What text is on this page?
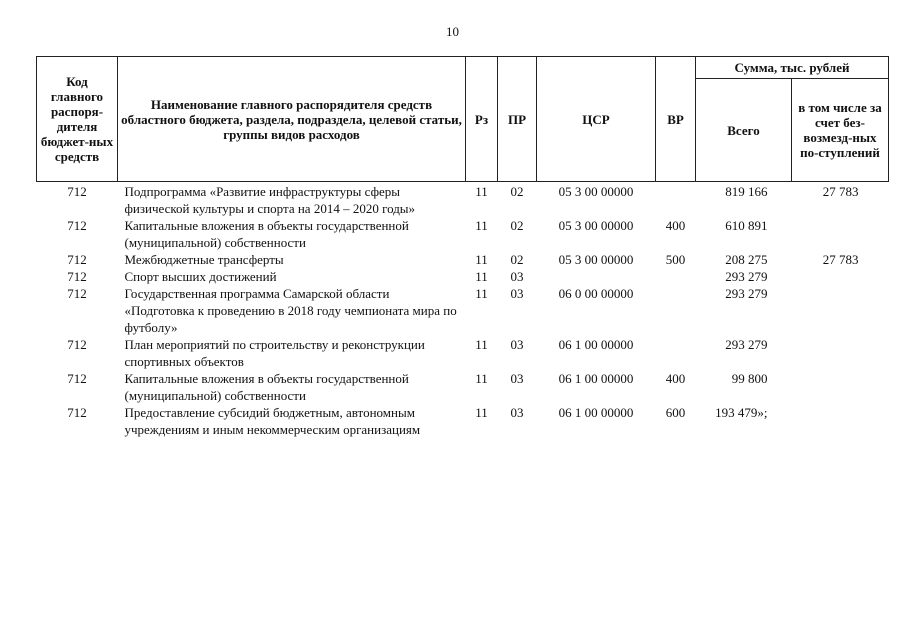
10
Код главного распоря-дителя бюджет-ных средств	Наименование главного распорядителя средств областного бюджета, раздела, подраздела, целевой статьи, группы видов расходов	Рз	ПР	ЦСР	ВР	Сумма, тыс. рублей	
						Всего	в том числе за счет без-возмезд-ных по-ступлений
712	Подпрограмма «Развитие инфраструктуры сферы физической культуры и спорта на 2014 – 2020 годы»	11	02	05 3 00 00000		819 166	27 783
712	Капитальные вложения в объекты государственной (муниципальной) собственности	11	02	05 3 00 00000	400	610 891	
712	Межбюджетные трансферты	11	02	05 3 00 00000	500	208 275	27 783
712	Спорт высших достижений	11	03			293 279	
712	Государственная программа Самарской области «Подготовка к проведению в 2018 году чемпионата мира по футболу»	11	03	06 0 00 00000		293 279	
712	План мероприятий по строительству и реконструкции спортивных объектов	11	03	06 1 00 00000		293 279	
712	Капитальные вложения в объекты государственной (муниципальной) собственности	11	03	06 1 00 00000	400	99 800	
712	Предоставление субсидий бюджетным, автономным учреждениям и иным некоммерческим организациям	11	03	06 1 00 00000	600	193 479»;	
